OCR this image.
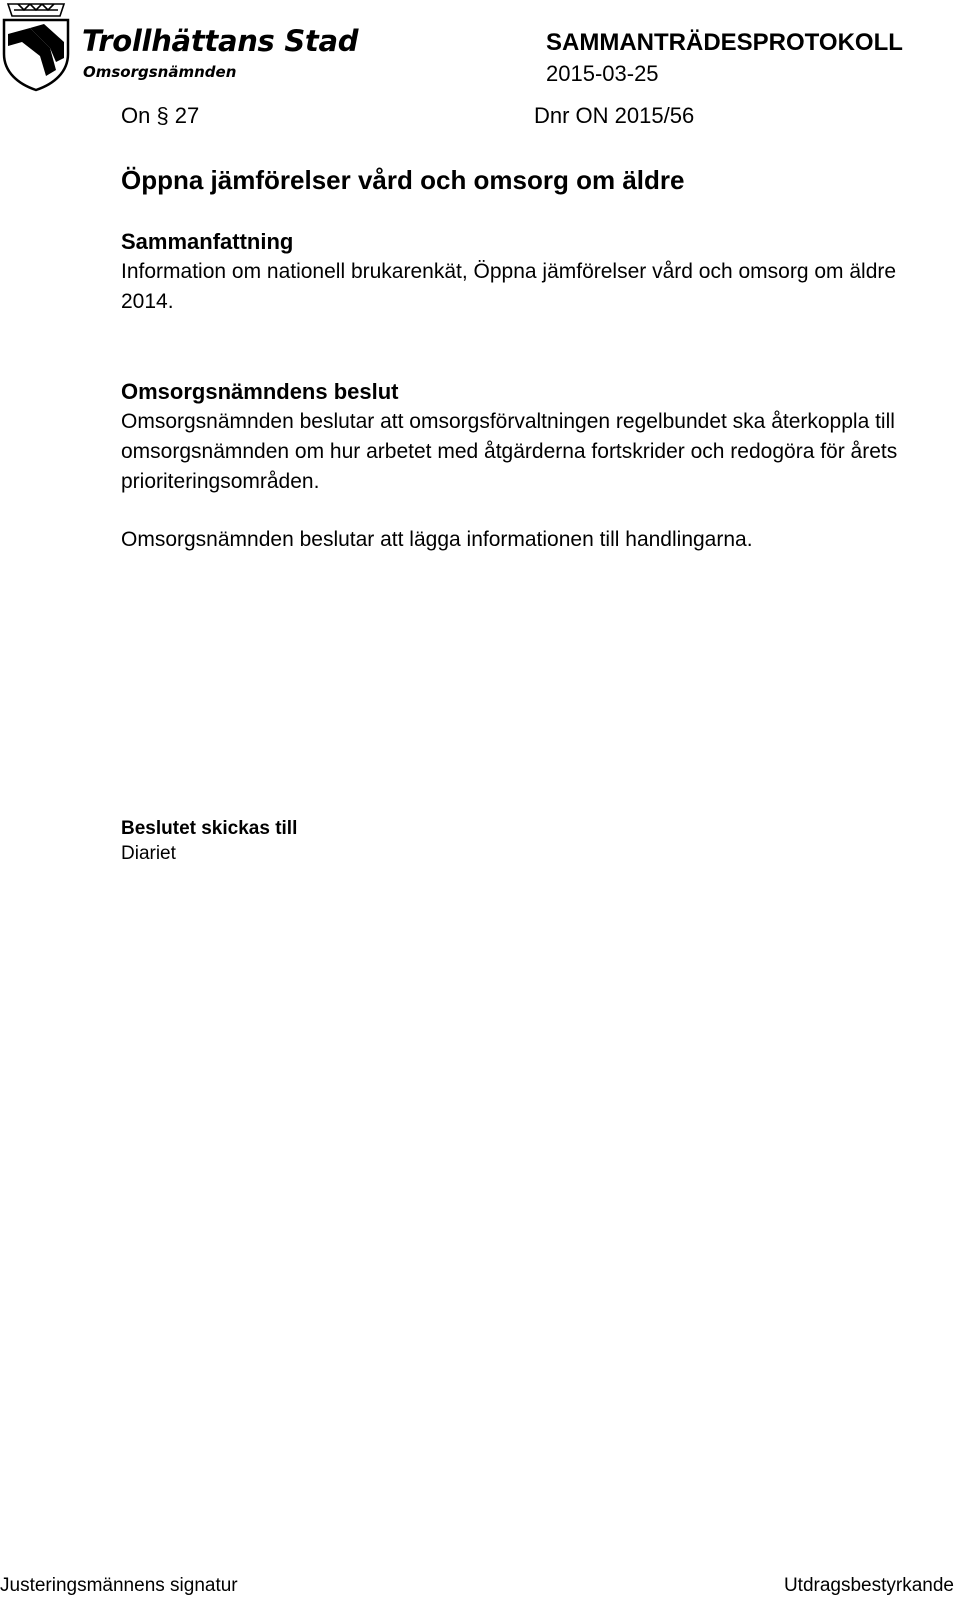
Trollhättans Stad
Omsorgsnämnden
SAMMANTRÄDESPROTOKOLL
2015-03-25
On § 27	Dnr ON 2015/56
Öppna jämförelser vård och omsorg om äldre
Sammanfattning
Information om nationell brukarenkät, Öppna jämförelser vård och omsorg om äldre 2014.
Omsorgsnämndens beslut
Omsorgsnämnden beslutar att omsorgsförvaltningen regelbundet ska återkoppla till omsorgsnämnden om hur arbetet med åtgärderna fortskrider och redogöra för årets prioriteringsområden.
Omsorgsnämnden beslutar att lägga informationen till handlingarna.
Beslutet skickas till
Diariet
Justeringsmännens signatur	Utdragsbestyrkande
